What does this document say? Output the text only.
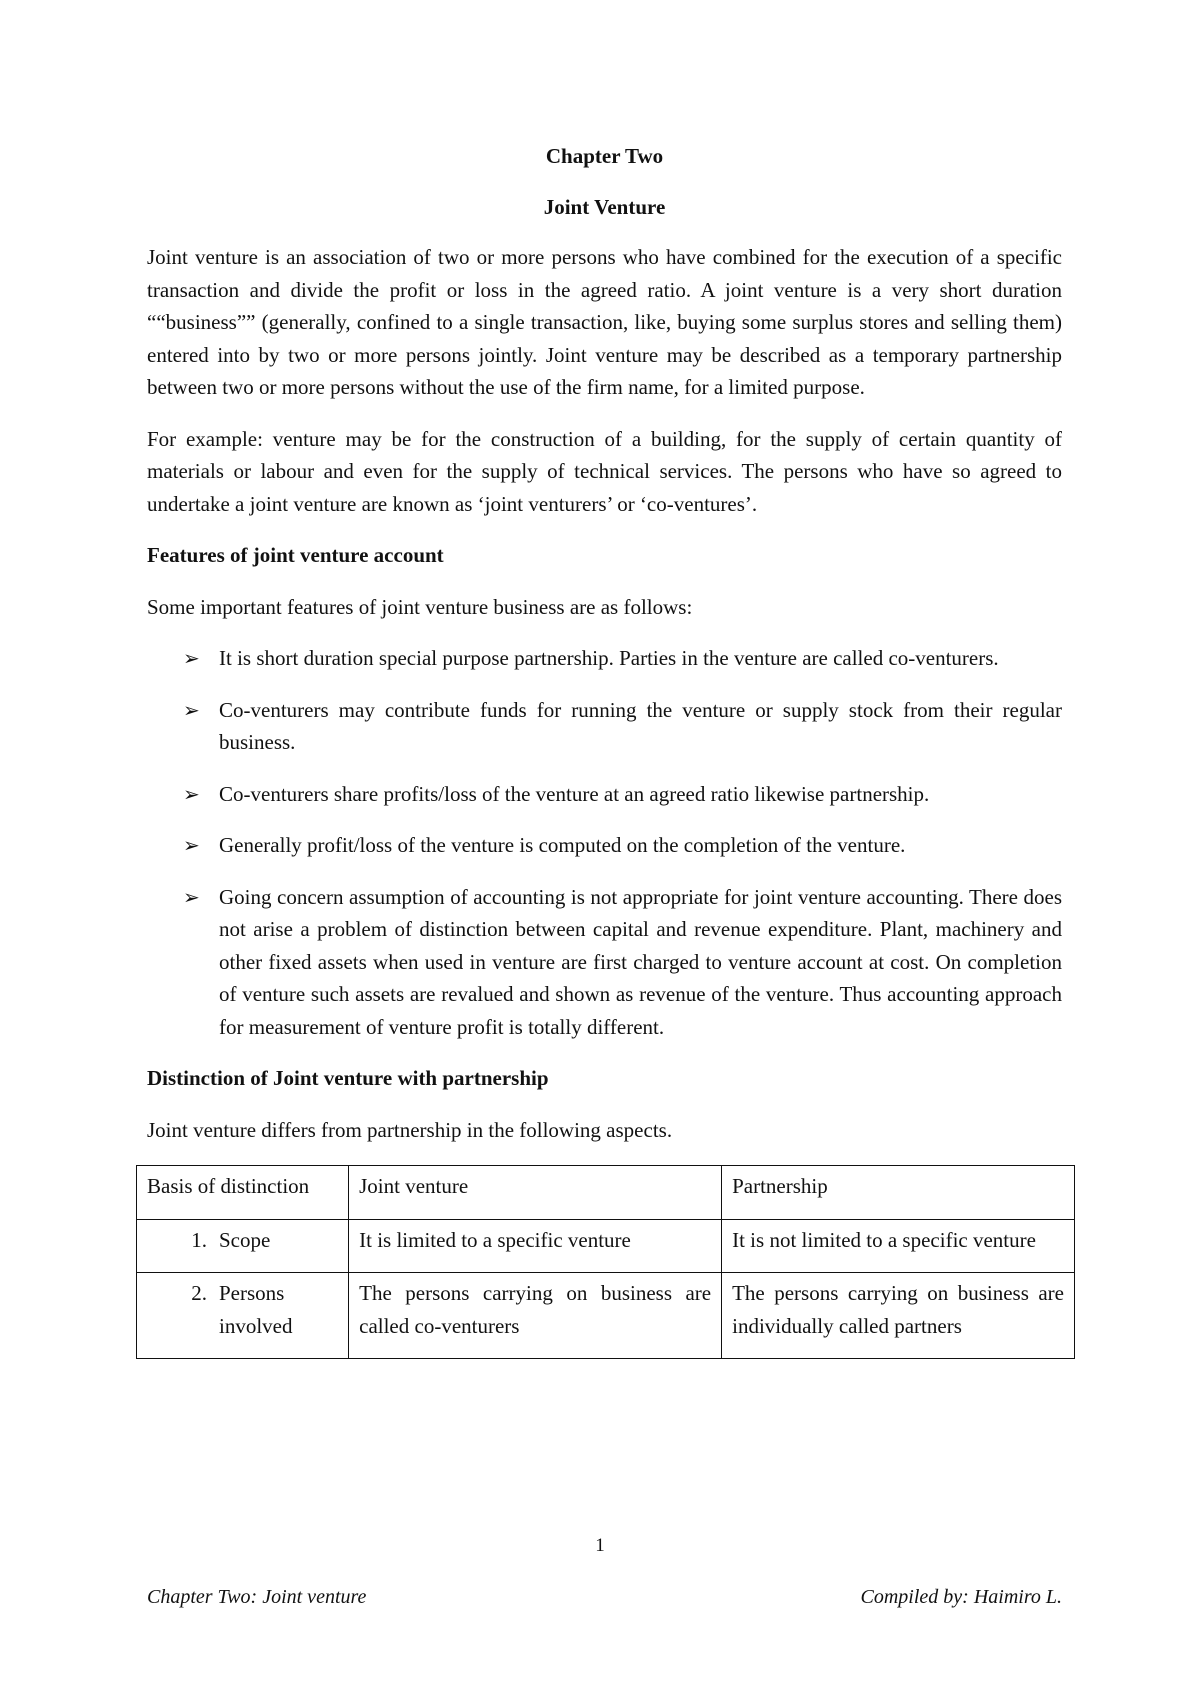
Chapter Two
Joint Venture

Joint venture is an association of two or more persons who have combined for the execution of a specific transaction and divide the profit or loss in the agreed ratio. A joint venture is a very short duration ““business”” (generally, confined to a single transaction, like, buying some surplus stores and selling them) entered into by two or more persons jointly. Joint venture may be described as a temporary partnership between two or more persons without the use of the firm name, for a limited purpose.

For example: venture may be for the construction of a building, for the supply of certain quantity of materials or labour and even for the supply of technical services. The persons who have so agreed to undertake a joint venture are known as ‘joint venturers’ or ‘co-ventures’.

Features of joint venture account

Some important features of joint venture business are as follows:

➢ It is short duration special purpose partnership. Parties in the venture are called co-venturers.
➢ Co-venturers may contribute funds for running the venture or supply stock from their regular business.
➢ Co-venturers share profits/loss of the venture at an agreed ratio likewise partnership.
➢ Generally profit/loss of the venture is computed on the completion of the venture.
➢ Going concern assumption of accounting is not appropriate for joint venture accounting. There does not arise a problem of distinction between capital and revenue expenditure. Plant, machinery and other fixed assets when used in venture are first charged to venture account at cost. On completion of venture such assets are revalued and shown as revenue of the venture. Thus accounting approach for measurement of venture profit is totally different.
Distinction of Joint venture with partnership

Joint venture differs from partnership in the following aspects.

Basis of distinction	Joint venture	Partnership

1. Scope	It is limited to a specific venture	It is not limited to a specific venture

2. Persons involved	The persons carrying on business are called co-venturers	The persons carrying on business are individually called partners
1
Chapter Two: Joint venture	Compiled by: Haimiro L.
